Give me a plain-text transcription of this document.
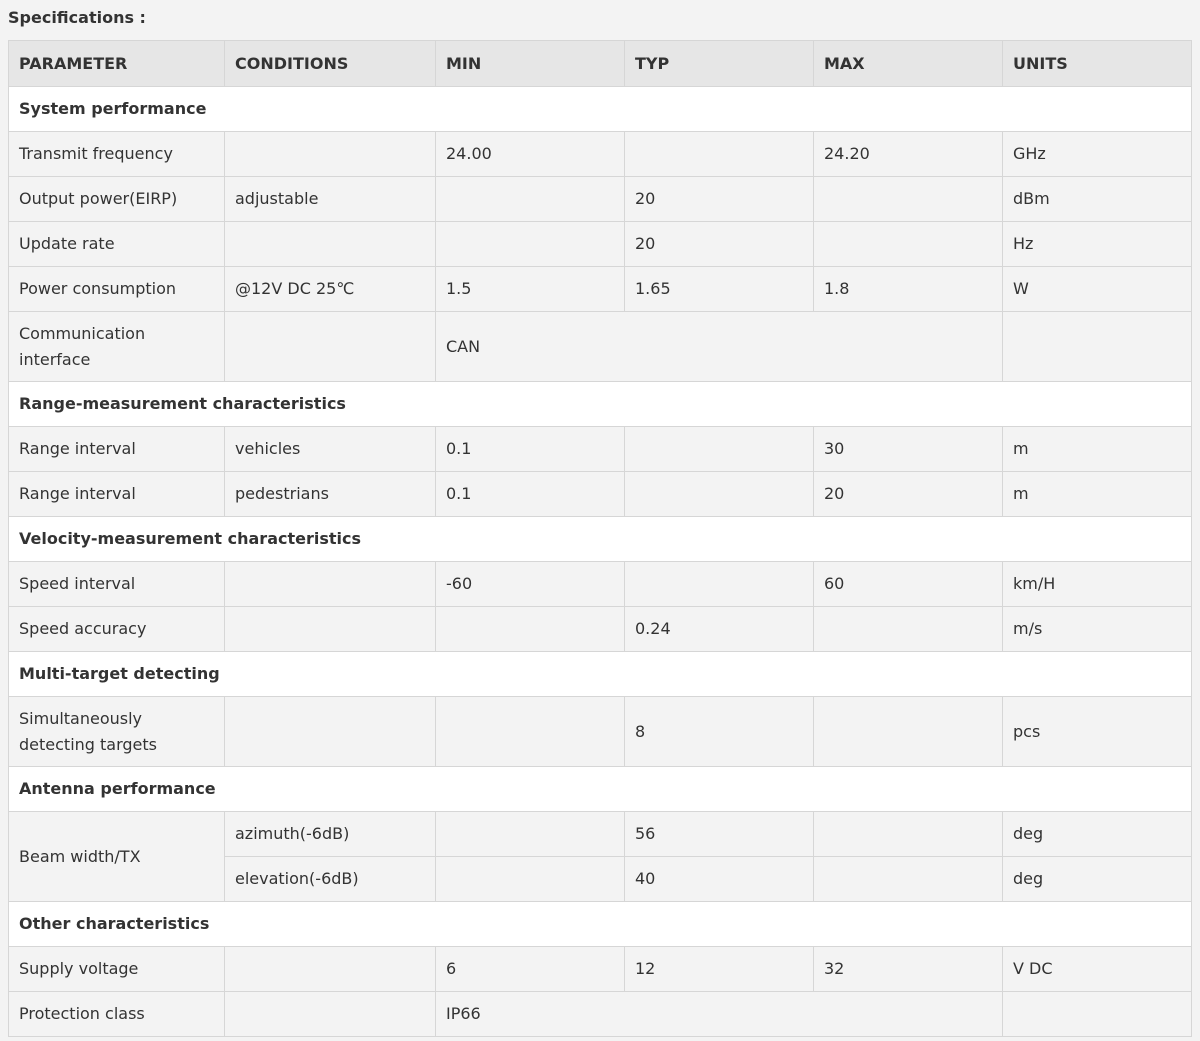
Specifications :
PARAMETER	CONDITIONS	MIN	TYP	MAX	UNITS
System performance					
Transmit frequency		24.00		24.20	GHz
Output power(EIRP)	adjustable		20		dBm
Update rate			20		Hz
Power consumption	@12V DC 25℃	1.5	1.65	1.8	W
Communication interface		CAN			
Range-measurement characteristics					
Range interval	vehicles	0.1		30	m
Range interval	pedestrians	0.1		20	m
Velocity-measurement characteristics					
Speed interval		-60		60	km/H
Speed accuracy			0.24		m/s
Multi-target detecting					
Simultaneously detecting targets			8		pcs
Antenna performance					
Beam width/TX	azimuth(-6dB)		56		deg
	elevation(-6dB)		40		deg
Other characteristics					
Supply voltage		6	12	32	V DC
Protection class		IP66			
